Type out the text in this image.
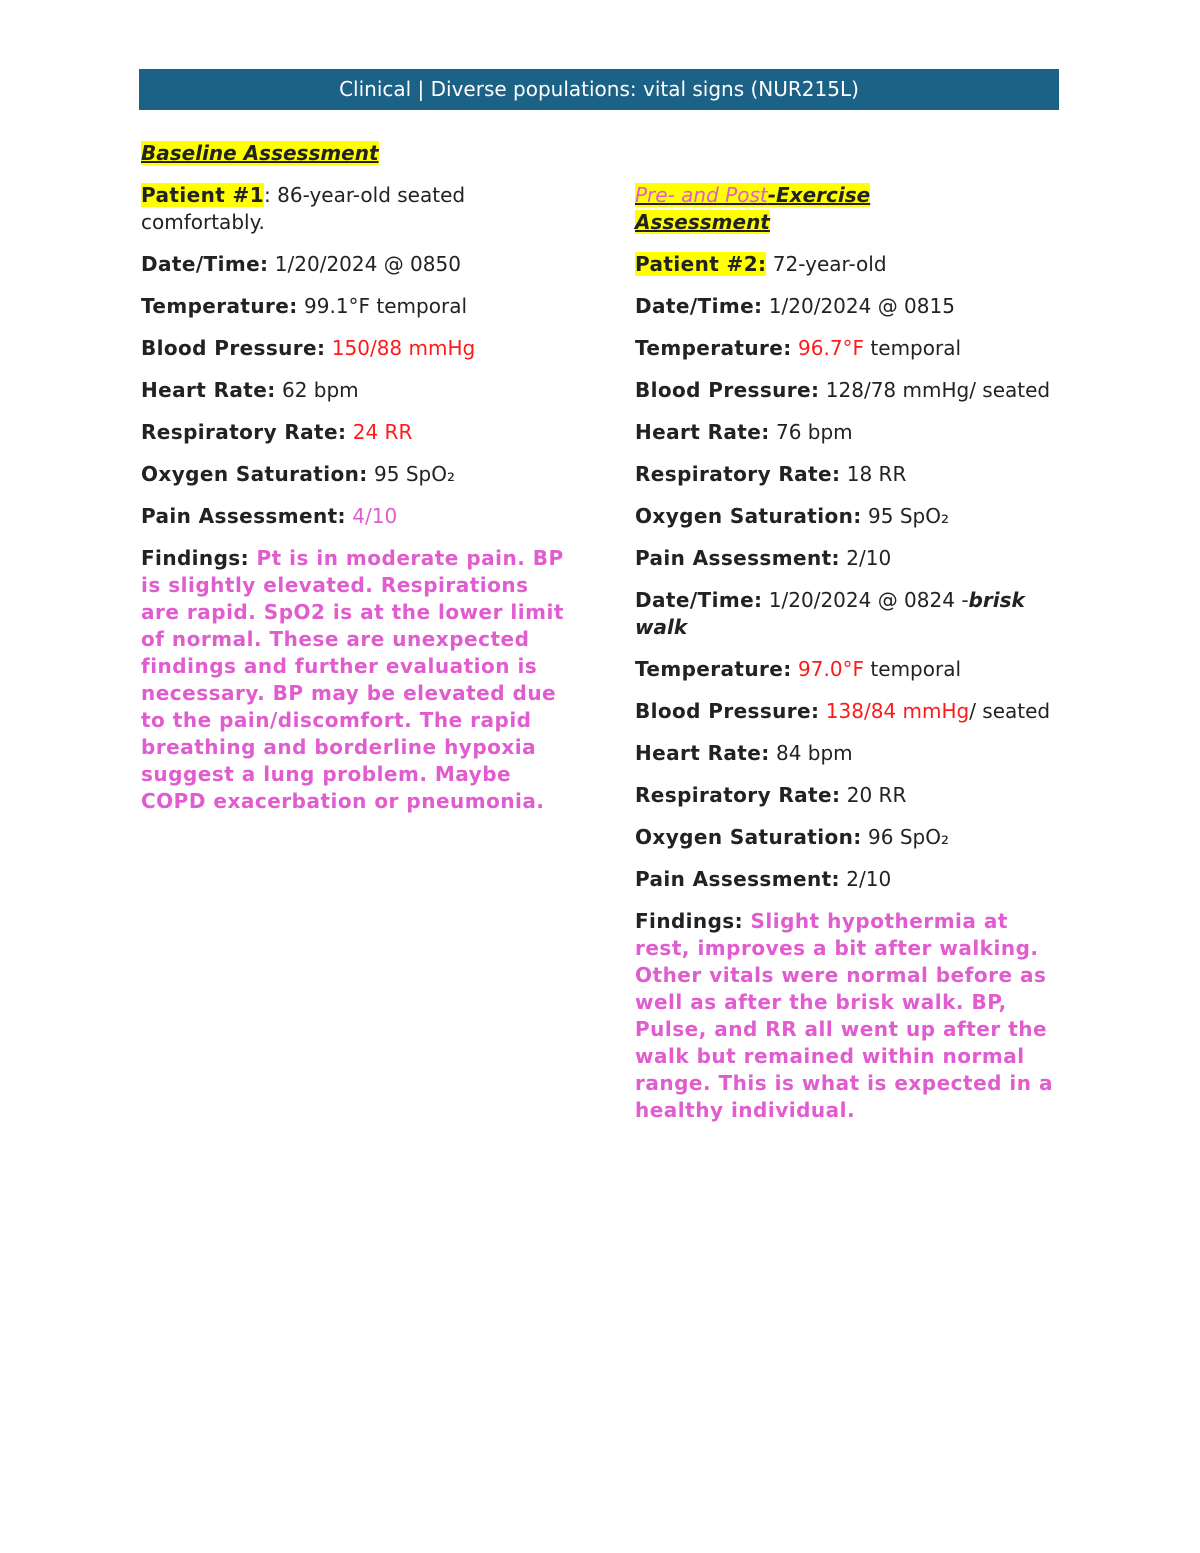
Clinical | Diverse populations: vital signs (NUR215L)

Baseline Assessment

Patient #1: 86-year-old seated comfortably.

Date/Time: 1/20/2024 @ 0850

Temperature: 99.1°F temporal

Blood Pressure: 150/88 mmHg

Heart Rate: 62 bpm

Respiratory Rate: 24 RR

Oxygen Saturation: 95 SpO₂

Pain Assessment: 4/10

Findings: Pt is in moderate pain. BP is slightly elevated. Respirations are rapid. SpO2 is at the lower limit of normal. These are unexpected findings and further evaluation is necessary. BP may be elevated due to the pain/discomfort. The rapid breathing and borderline hypoxia suggest a lung problem. Maybe COPD exacerbation or pneumonia.

Pre- and Post-Exercise
Assessment

Patient #2: 72-year-old

Date/Time: 1/20/2024 @ 0815

Temperature: 96.7°F temporal

Blood Pressure: 128/78 mmHg/ seated

Heart Rate: 76 bpm

Respiratory Rate: 18 RR

Oxygen Saturation: 95 SpO₂

Pain Assessment: 2/10

Date/Time: 1/20/2024 @ 0824 -brisk walk

Temperature: 97.0°F temporal

Blood Pressure: 138/84 mmHg/ seated

Heart Rate: 84 bpm

Respiratory Rate: 20 RR

Oxygen Saturation: 96 SpO₂

Pain Assessment: 2/10

Findings: Slight hypothermia at rest, improves a bit after walking. Other vitals were normal before as well as after the brisk walk. BP, Pulse, and RR all went up after the walk but remained within normal range. This is what is expected in a healthy individual.
